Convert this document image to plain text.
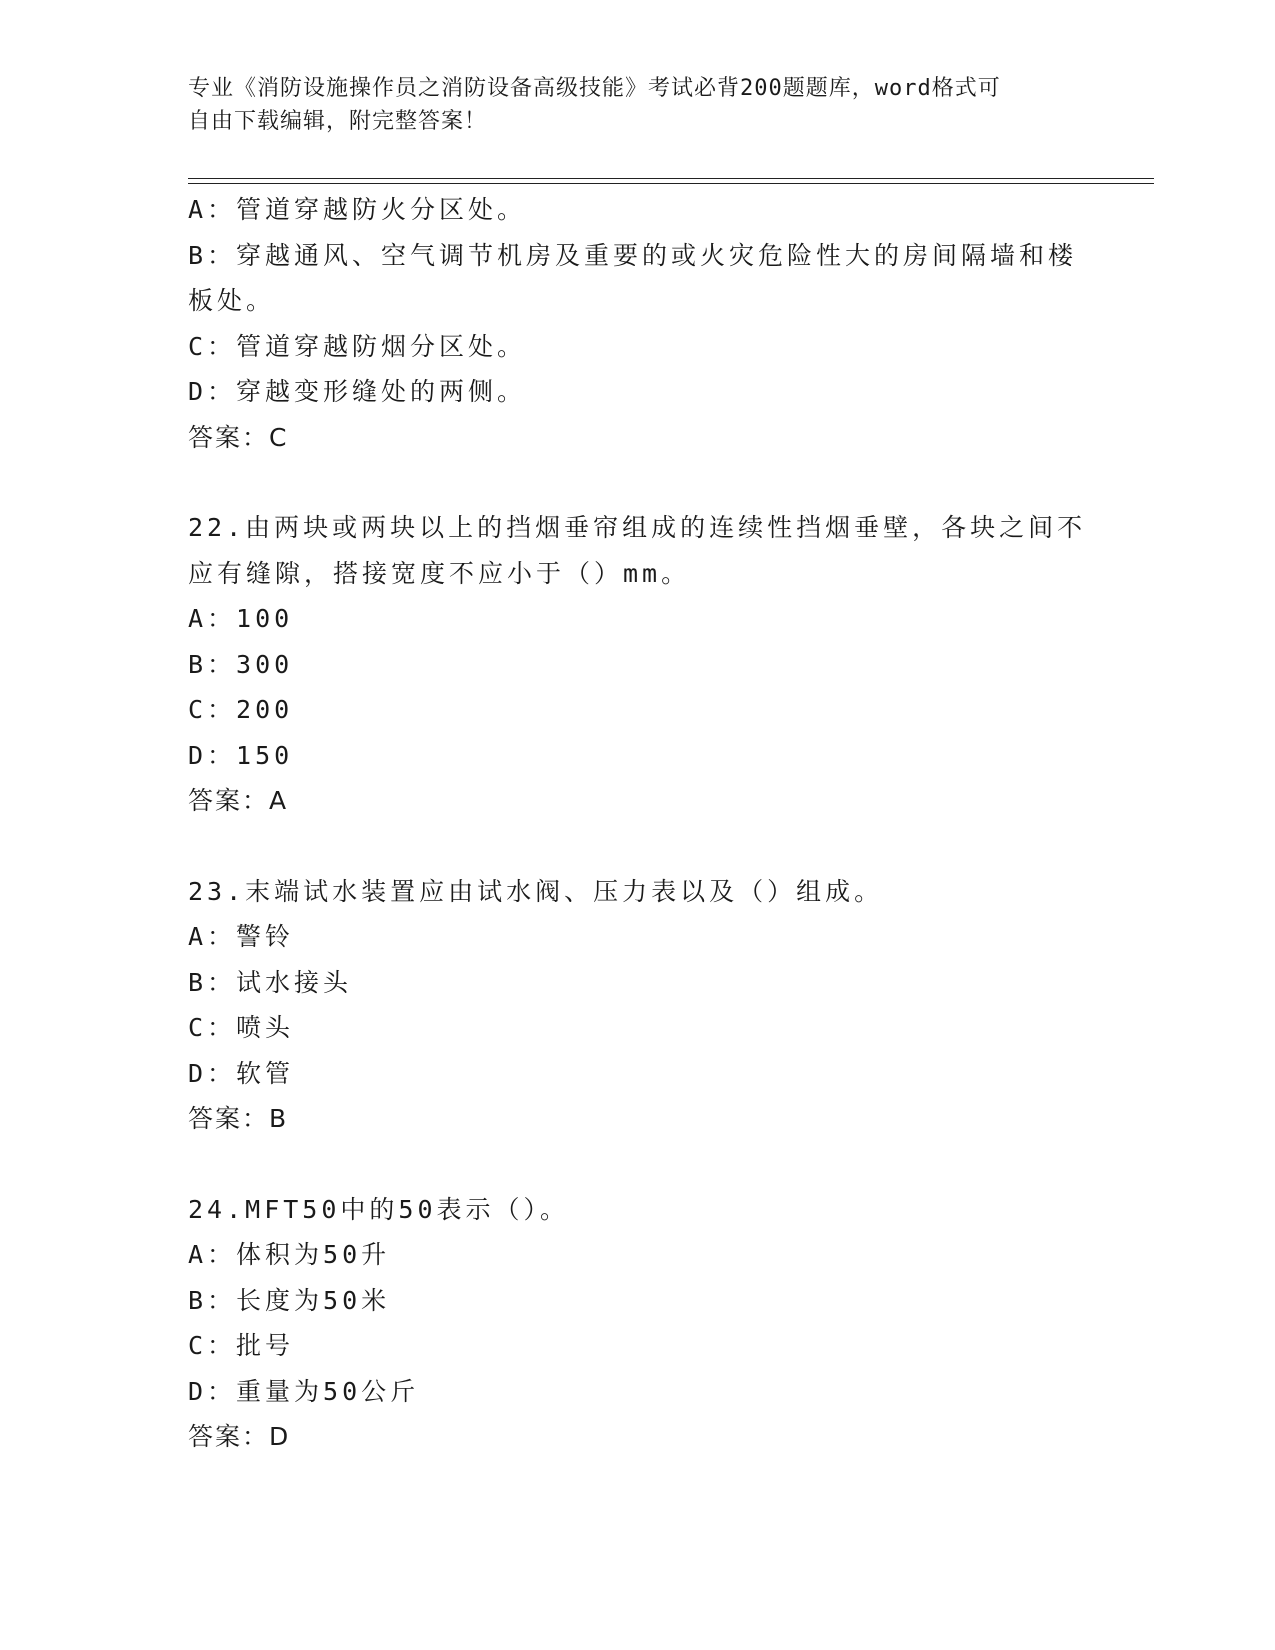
专业《消防设施操作员之消防设备高级技能》考试必背200题题库，word格式可
自由下载编辑，附完整答案！
A：管道穿越防火分区处。
B：穿越通风、空气调节机房及重要的或火灾危险性大的房间隔墙和楼
板处。
C：管道穿越防烟分区处。
D：穿越变形缝处的两侧。
答案：C
22.由两块或两块以上的挡烟垂帘组成的连续性挡烟垂壁，各块之间不
应有缝隙，搭接宽度不应小于（）mm。
A：100
B：300
C：200
D：150
答案：A
23.末端试水装置应由试水阀、压力表以及（）组成。
A：警铃
B：试水接头
C：喷头
D：软管
答案：B
24.MFT50中的50表示（）。
A：体积为50升
B：长度为50米
C：批号
D：重量为50公斤
答案：D
